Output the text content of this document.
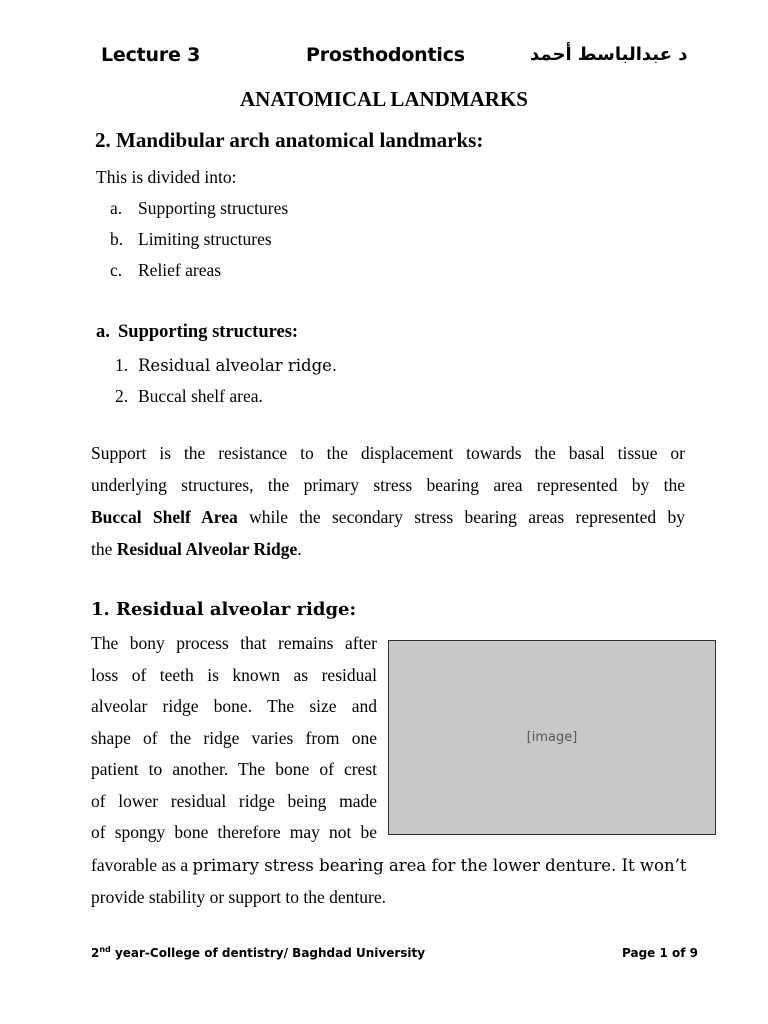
Lecture 3	Prosthodontics	د عبدالباسط أحمد
ANATOMICAL LANDMARKS
2. Mandibular arch anatomical landmarks:
This is divided into:
a. Supporting structures
b. Limiting structures
c. Relief areas
a. Supporting structures:
1. Residual alveolar ridge.
2. Buccal shelf area.
Support is the resistance to the displacement towards the basal tissue or
underlying structures, the primary stress bearing area represented by the
Buccal Shelf Area while the secondary stress bearing areas represented by
the Residual Alveolar Ridge.
1. Residual alveolar ridge:
The bony process that remains after
loss of teeth is known as residual
alveolar ridge bone. The size and
shape of the ridge varies from one
patient to another. The bone of crest
of lower residual ridge being made
of spongy bone therefore may not be
[image]
favorable as a primary stress bearing area for the lower denture. It won’t
provide stability or support to the denture.
2nd year-College of dentistry/ Baghdad University	Page 1 of 9
